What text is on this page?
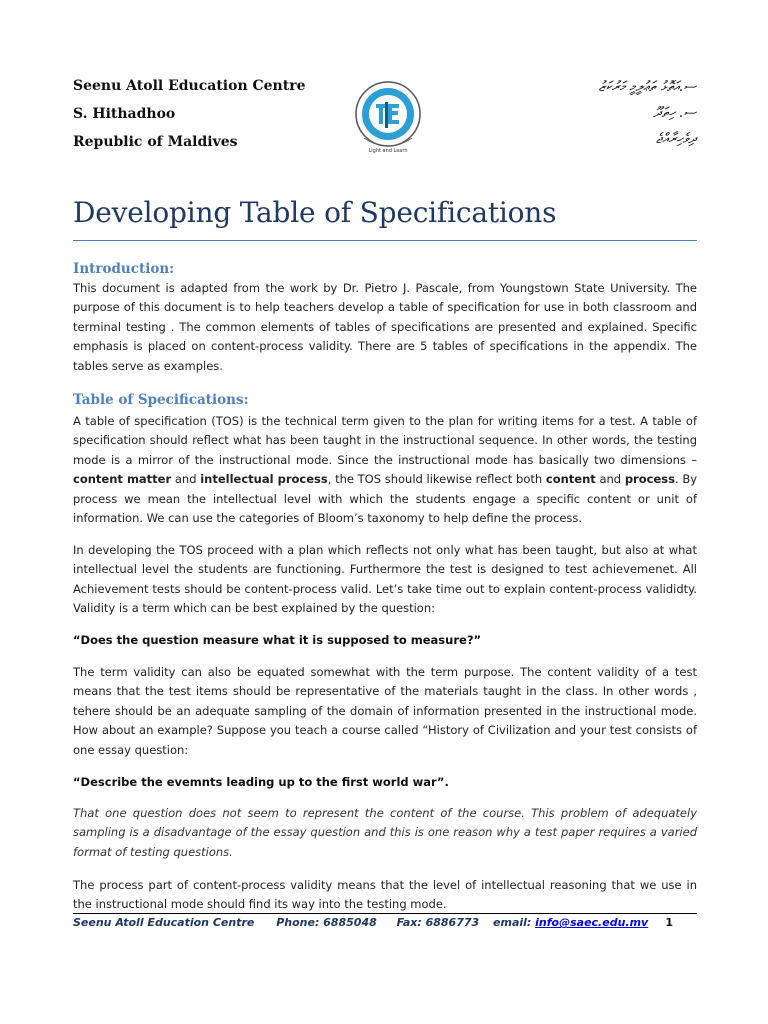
Seenu Atoll Education Centre
S. Hithadhoo
Republic of Maldives
Light and Learn
ސ.އަތޮޅު ތަޢުލީމީ މަރުކަޒު
ސ. ހިތަދޫ
ދިވެހިރާއްޖެ
Developing Table of Specifications
Introduction:
This document is adapted from the work by Dr. Pietro J. Pascale, from Youngstown State University. The purpose of this document is to help teachers develop a table of specification for use in both classroom and terminal testing . The common elements of tables of specifications are presented and explained. Specific emphasis is placed on content-process validity. There are 5 tables of specifications in the appendix. The tables serve as examples.
Table of Specifications:
A table of specification (TOS) is the technical term given to the plan for writing items for a test. A table of specification should reflect what has been taught in the instructional sequence. In other words, the testing mode is a mirror of the instructional mode. Since the instructional mode has basically two dimensions – content matter and intellectual process, the TOS should likewise reflect both content and process. By process we mean the intellectual level with which the students engage a specific content or unit of information. We can use the categories of Bloom’s taxonomy to help define the process.
In developing the TOS proceed with a plan which reflects not only what has been taught, but also at what intellectual level the students are functioning. Furthermore the test is designed to test achievemenet. All Achievement tests should be content-process valid. Let’s take time out to explain content-process valididty. Validity is a term which can be best explained by the question:
“Does the question measure what it is supposed to measure?”
The term validity can also be equated somewhat with the term purpose. The content validity of a test means that the test items should be representative of the materials taught in the class. In other words , tehere should be an adequate sampling of the domain of information presented in the instructional mode. How about an example? Suppose you teach a course called “History of Civilization and your test consists of one essay question:
“Describe the evemnts leading up to the first world war”.
That one question does not seem to represent the content of the course. This problem of adequately sampling is a disadvantage of the essay question and this is one reason why a test paper requires a varied format of testing questions.
The process part of content-process validity means that the level of intellectual reasoning that we use in the instructional mode should find its way into the testing mode.
Seenu Atoll Education Centre Phone: 6885048 Fax: 6886773 email: info@saec.edu.mv 1
